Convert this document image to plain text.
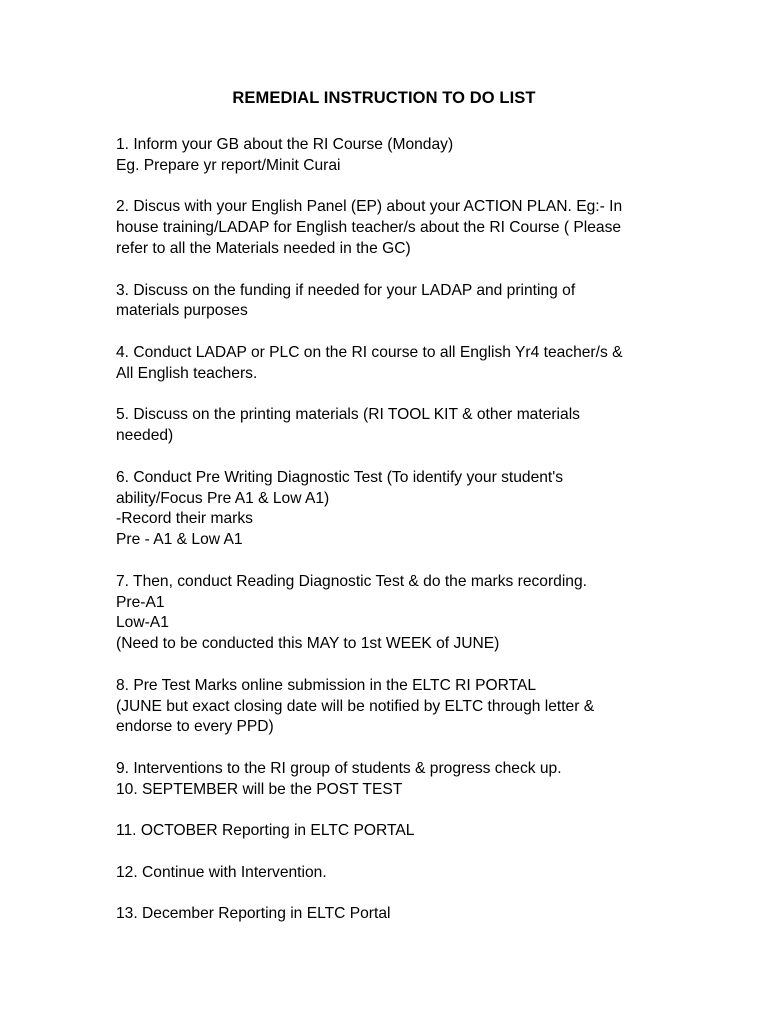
REMEDIAL INSTRUCTION TO DO LIST
1. Inform your GB about the RI Course (Monday)
Eg. Prepare yr report/Minit Curai
2. Discus with your English Panel (EP) about your ACTION PLAN. Eg:- In
house training/LADAP for English teacher/s about the RI Course ( Please
refer to all the Materials needed in the GC)
3. Discuss on the funding if needed for your LADAP and printing of
materials purposes
4. Conduct LADAP or PLC on the RI course to all English Yr4 teacher/s &
All English teachers.
5. Discuss on the printing materials (RI TOOL KIT & other materials
needed)
6. Conduct Pre Writing Diagnostic Test (To identify your student's
ability/Focus Pre A1 & Low A1)
-Record their marks
Pre - A1 & Low A1
7. Then, conduct Reading Diagnostic Test & do the marks recording.
Pre-A1
Low-A1
(Need to be conducted this MAY to 1st WEEK of JUNE)
8. Pre Test Marks online submission in the ELTC RI PORTAL
(JUNE but exact closing date will be notified by ELTC through letter &
endorse to every PPD)
9. Interventions to the RI group of students & progress check up.
10. SEPTEMBER will be the POST TEST
11. OCTOBER Reporting in ELTC PORTAL
12. Continue with Intervention.
13. December Reporting in ELTC Portal
